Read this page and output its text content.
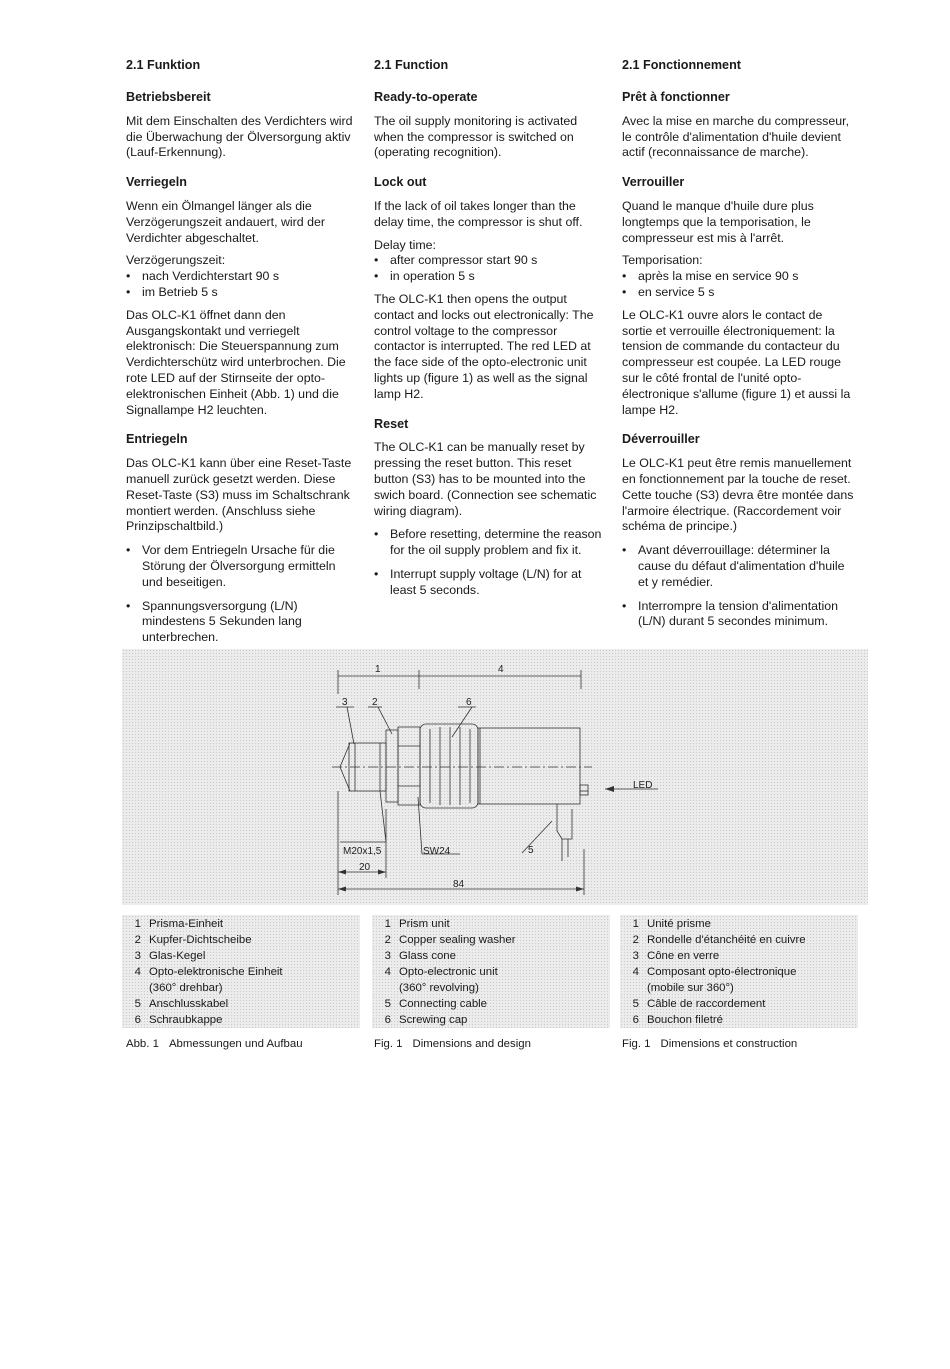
2.1 Funktion
Betriebsbereit

Mit dem Einschalten des Verdichters wird die Überwachung der Ölversorgung aktiv (Lauf-Erkennung).

Verriegeln

Wenn ein Ölmangel länger als die Verzögerungszeit andauert, wird der Verdichter abgeschaltet.

Verzögerungszeit:
• nach Verdichterstart 90 s
• im Betrieb 5 s

Das OLC-K1 öffnet dann den Ausgangskontakt und verriegelt elektronisch: Die Steuerspannung zum Verdichterschütz wird unterbrochen. Die rote LED auf der Stirnseite der opto-elektronischen Einheit (Abb. 1) und die Signallampe H2 leuchten.

Entriegeln

Das OLC-K1 kann über eine Reset-Taste manuell zurück gesetzt werden. Diese Reset-Taste (S3) muss im Schaltschrank montiert werden. (Anschluss siehe Prinzipschaltbild.)

• Vor dem Entriegeln Ursache für die Störung der Ölversorgung ermitteln und beseitigen.
• Spannungsversorgung (L/N) mindestens 5 Sekunden lang unterbrechen.
2.1 Function
Ready-to-operate

The oil supply monitoring is activated when the compressor is switched on (operating recognition).

Lock out

If the lack of oil takes longer than the delay time, the compressor is shut off.

Delay time:
• after compressor start 90 s
• in operation 5 s

The OLC-K1 then opens the output contact and locks out electronically: The control voltage to the compressor contactor is interrupted. The red LED at the face side of the opto-electronic unit lights up (figure 1) as well as the signal lamp H2.

Reset

The OLC-K1 can be manually reset by pressing the reset button. This reset button (S3) has to be mounted into the swich board. (Connection see schematic wiring diagram).

• Before resetting, determine the reason for the oil supply problem and fix it.
• Interrupt supply voltage (L/N) for at least 5 seconds.
2.1 Fonctionnement
Prêt à fonctionner

Avec la mise en marche du compresseur, le contrôle d'alimentation d'huile devient actif (reconnaissance de marche).

Verrouiller

Quand le manque d'huile dure plus longtemps que la temporisation, le compresseur est mis à l'arrêt.

Temporisation:
• après la mise en service 90 s
• en service 5 s

Le OLC-K1 ouvre alors le contact de sortie et verrouille électroniquement: la tension de commande du contacteur du compresseur est coupée. La LED rouge sur le côté frontal de l'unité opto-électronique s'allume (figure 1) et aussi la lampe H2.

Déverrouiller

Le OLC-K1 peut être remis manuellement en fonctionnement par la touche de reset. Cette touche (S3) devra être montée dans l'armoire électrique. (Raccordement voir schéma de principe.)

• Avant déverrouillage: déterminer la cause du défaut d'alimentation d'huile et y remédier.
• Interrompre la tension d'alimentation (L/N) durant 5 secondes minimum.
1	4
3 2	6
5
LED
M20x1,5	SW24
20
84
1 Prisma-Einheit
2 Kupfer-Dichtscheibe
3 Glas-Kegel
4 Opto-elektronische Einheit
(360° drehbar)
5 Anschlusskabel
6 Schraubkappe
1 Prism unit
2 Copper sealing washer
3 Glass cone
4 Opto-electronic unit
(360° revolving)
5 Connecting cable
6 Screwing cap
1 Unité prisme
2 Rondelle d'étanchéité en cuivre
3 Cône en verre
4 Composant opto-électronique
(mobile sur 360°)
5 Câble de raccordement
6 Bouchon filetré
Abb. 1 Abmessungen und Aufbau	Fig. 1 Dimensions and design	Fig. 1 Dimensions et construction
